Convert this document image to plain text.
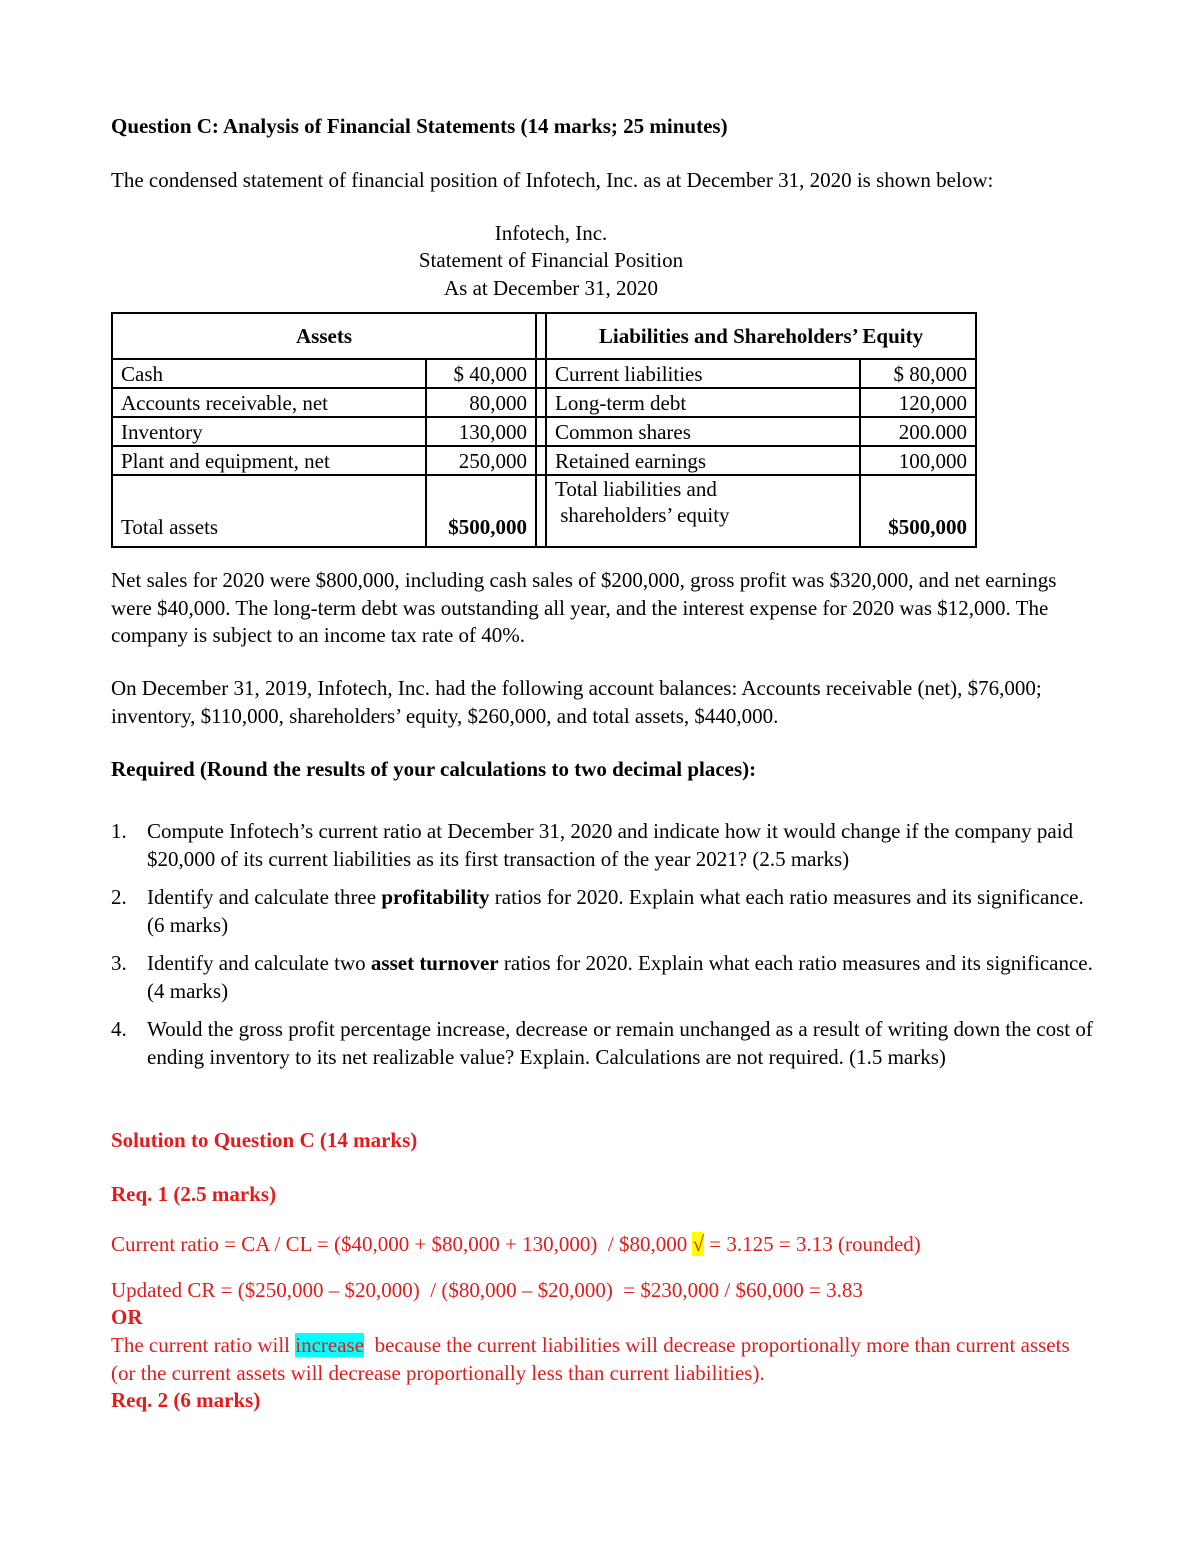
Question C: Analysis of Financial Statements (14 marks; 25 minutes)

The condensed statement of financial position of Infotech, Inc. as at December 31, 2020 is shown below:

Infotech, Inc.
Statement of Financial Position
As at December 31, 2020
Assets			Liabilities and Shareholders’ Equity	
Cash	$ 40,000		Current liabilities	$ 80,000
Accounts receivable, net	80,000		Long-term debt	120,000
Inventory	130,000		Common shares	200.000
Plant and equipment, net	250,000		Retained earnings	100,000
Total assets	$500,000		Total liabilities and
shareholders’ equity	$500,000

Net sales for 2020 were $800,000, including cash sales of $200,000, gross profit was $320,000, and net earnings were $40,000. The long-term debt was outstanding all year, and the interest expense for 2020 was $12,000. The company is subject to an income tax rate of 40%.

On December 31, 2019, Infotech, Inc. had the following account balances: Accounts receivable (net), $76,000; inventory, $110,000, shareholders’ equity, $260,000, and total assets, $440,000.

Required (Round the results of your calculations to two decimal places):
1. Compute Infotech’s current ratio at December 31, 2020 and indicate how it would change if the company paid $20,000 of its current liabilities as its first transaction of the year 2021? (2.5 marks)
2. Identify and calculate three profitability ratios for 2020. Explain what each ratio measures and its significance. (6 marks)
3. Identify and calculate two asset turnover ratios for 2020. Explain what each ratio measures and its significance. (4 marks)
4. Would the gross profit percentage increase, decrease or remain unchanged as a result of writing down the cost of ending inventory to its net realizable value? Explain. Calculations are not required. (1.5 marks)
Solution to Question C (14 marks)
Req. 1 (2.5 marks)
Current ratio = CA / CL = ($40,000 + $80,000 + 130,000)  / $80,000 √ = 3.125 = 3.13 (rounded)
Updated CR = ($250,000 – $20,000)  / ($80,000 – $20,000)  = $230,000 / $60,000 = 3.83
OR

The current ratio will increase  because the current liabilities will decrease proportionally more than current assets  (or the current assets will decrease proportionally less than current liabilities).

Req. 2 (6 marks)
